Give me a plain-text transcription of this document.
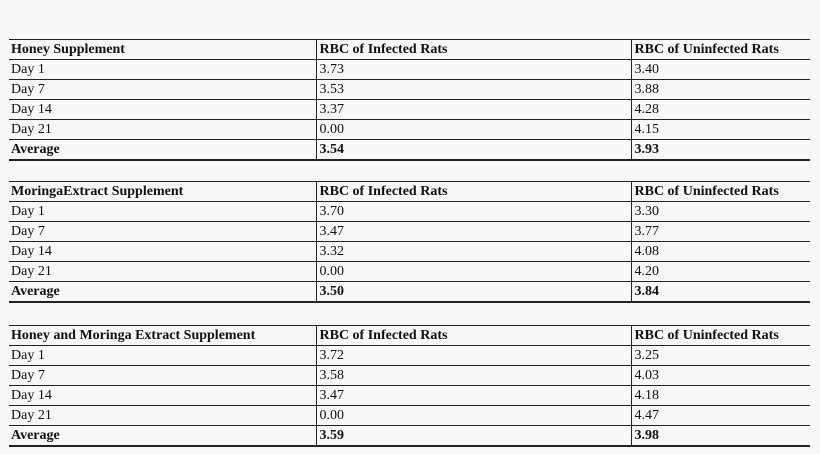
Honey Supplement	RBC of Infected Rats	RBC of Uninfected Rats
Day 1	3.73	3.40
Day 7	3.53	3.88
Day 14	3.37	4.28
Day 21	0.00	4.15
Average	3.54	3.93
MoringaExtract Supplement	RBC of Infected Rats	RBC of Uninfected Rats
Day 1	3.70	3.30
Day 7	3.47	3.77
Day 14	3.32	4.08
Day 21	0.00	4.20
Average	3.50	3.84
Honey and Moringa Extract Supplement	RBC of Infected Rats	RBC of Uninfected Rats
Day 1	3.72	3.25
Day 7	3.58	4.03
Day 14	3.47	4.18
Day 21	0.00	4.47
Average	3.59	3.98
